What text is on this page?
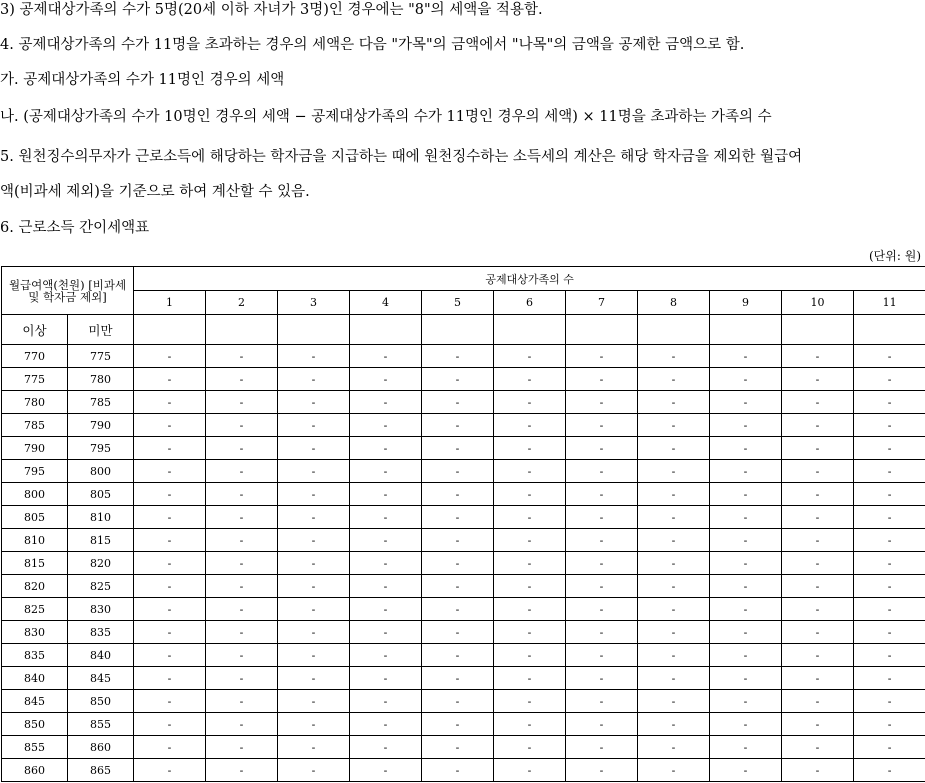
3) 공제대상가족의 수가 5명(20세 이하 자녀가 3명)인 경우에는 "8"의 세액을 적용함.
4. 공제대상가족의 수가 11명을 초과하는 경우의 세액은 다음 "가목"의 금액에서 "나목"의 금액을 공제한 금액으로 함.
가. 공제대상가족의 수가 11명인 경우의 세액
나. (공제대상가족의 수가 10명인 경우의 세액 − 공제대상가족의 수가 11명인 경우의 세액) × 11명을 초과하는 가족의 수
5. 원천징수의무자가 근로소득에 해당하는 학자금을 지급하는 때에 원천징수하는 소득세의 계산은 해당 학자금을 제외한 월급여
액(비과세 제외)을 기준으로 하여 계산할 수 있음.
6. 근로소득 간이세액표
(단위: 원)
월급여액(천원) [비과세 및 학자금 제외]		공제대상가족의 수										
		1	2	3	4	5	6	7	8	9	10	11
이상	미만											
770	775	-	-	-	-	-	-	-	-	-	-	-
775	780	-	-	-	-	-	-	-	-	-	-	-
780	785	-	-	-	-	-	-	-	-	-	-	-
785	790	-	-	-	-	-	-	-	-	-	-	-
790	795	-	-	-	-	-	-	-	-	-	-	-
795	800	-	-	-	-	-	-	-	-	-	-	-
800	805	-	-	-	-	-	-	-	-	-	-	-
805	810	-	-	-	-	-	-	-	-	-	-	-
810	815	-	-	-	-	-	-	-	-	-	-	-
815	820	-	-	-	-	-	-	-	-	-	-	-
820	825	-	-	-	-	-	-	-	-	-	-	-
825	830	-	-	-	-	-	-	-	-	-	-	-
830	835	-	-	-	-	-	-	-	-	-	-	-
835	840	-	-	-	-	-	-	-	-	-	-	-
840	845	-	-	-	-	-	-	-	-	-	-	-
845	850	-	-	-	-	-	-	-	-	-	-	-
850	855	-	-	-	-	-	-	-	-	-	-	-
855	860	-	-	-	-	-	-	-	-	-	-	-
860	865	-	-	-	-	-	-	-	-	-	-	-
